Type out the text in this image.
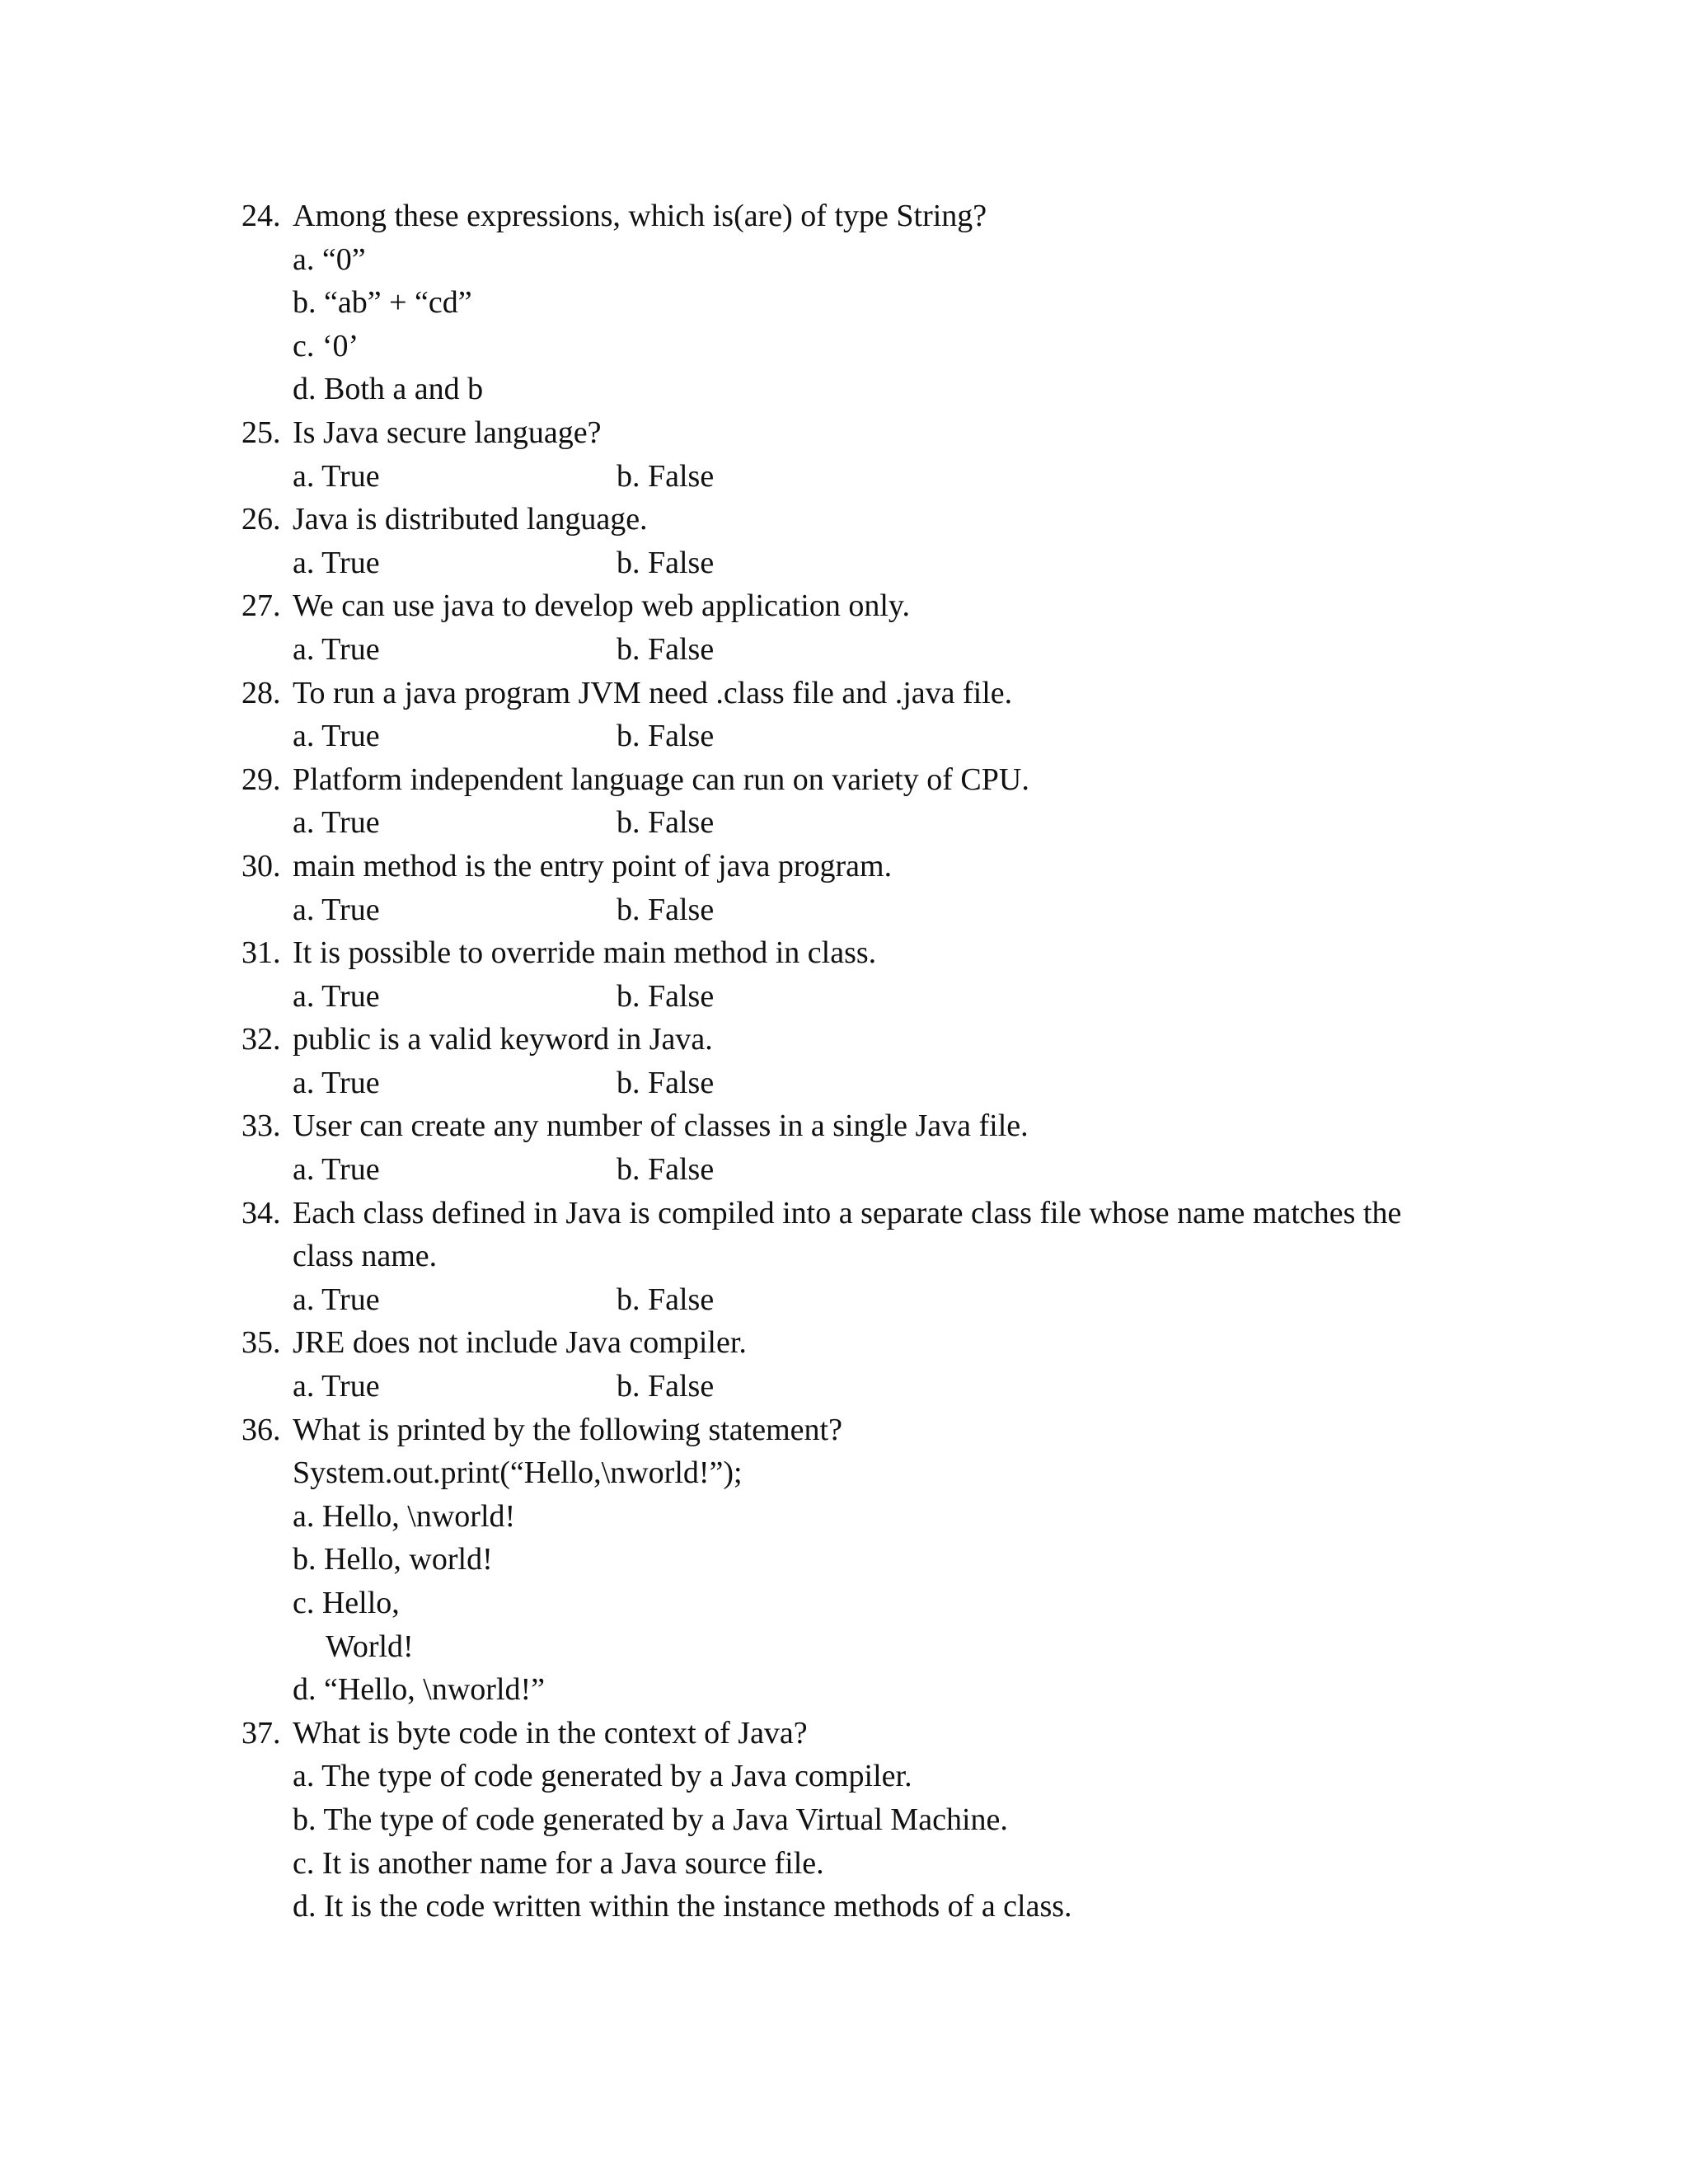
24. Among these expressions, which is(are) of type String?
a. “0”
b. “ab” + “cd”
c. ‘0’
d. Both a and b
25. Is Java secure language?
a. True	b. False
26. Java is distributed language.
a. True	b. False
27. We can use java to develop web application only.
a. True	b. False
28. To run a java program JVM need .class file and .java file.
a. True	b. False
29. Platform independent language can run on variety of CPU.
a. True	b. False
30. main method is the entry point of java program.
a. True	b. False
31. It is possible to override main method in class.
a. True	b. False
32. public is a valid keyword in Java.
a. True	b. False
33. User can create any number of classes in a single Java file.
a. True	b. False
34. Each class defined in Java is compiled into a separate class file whose name matches the
class name.
a. True	b. False
35. JRE does not include Java compiler.
a. True	b. False
36. What is printed by the following statement?
System.out.print(“Hello,\nworld!”);
a. Hello, \nworld!
b. Hello, world!
c. Hello,
World!
d. “Hello, \nworld!”
37. What is byte code in the context of Java?
a. The type of code generated by a Java compiler.
b. The type of code generated by a Java Virtual Machine.
c. It is another name for a Java source file.
d. It is the code written within the instance methods of a class.
